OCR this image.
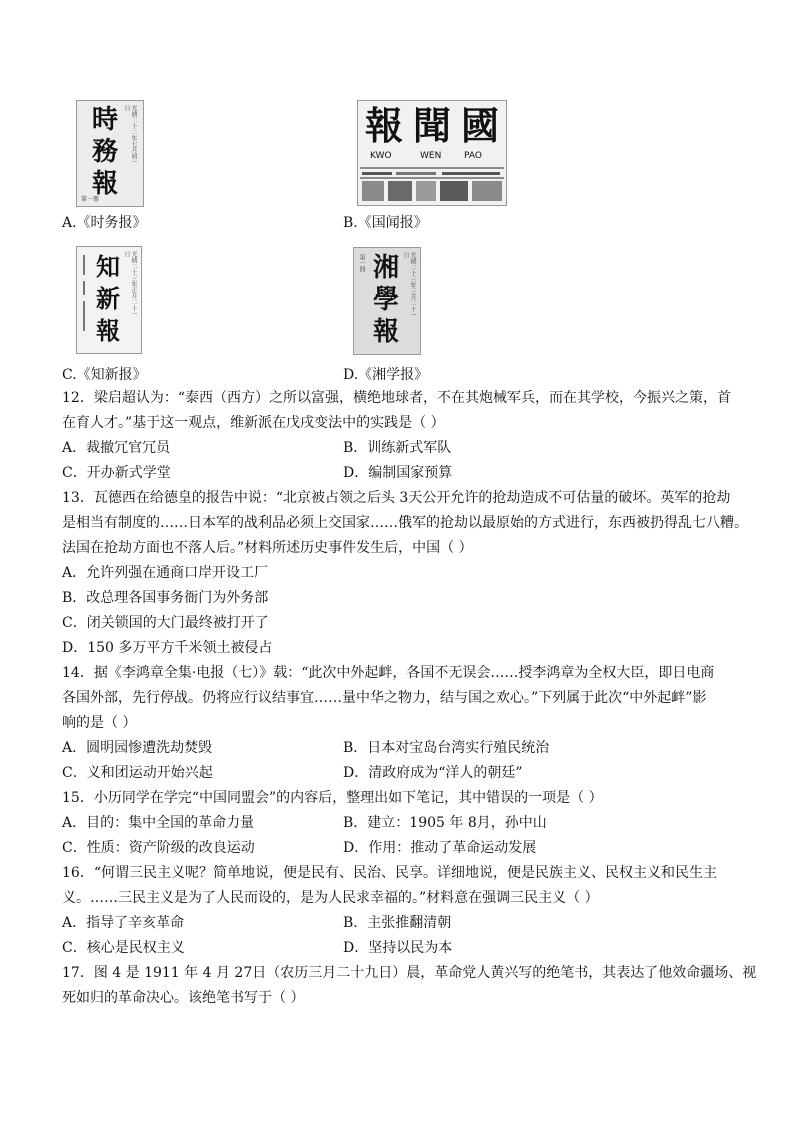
光緒二十二年七月初一日
時
務
報
第一冊
A.《时务报》
報 聞 國
KWO	WEN	PAO
B.《国闻报》
光緒二十三年正月二十一日
知
新
報
C.《知新报》
光緒二十三年三月二十一日
第一冊 湘
學
報
D.《湘学报》
12．梁启超认为：“泰西（西方）之所以富强，横绝地球者，不在其炮械军兵，而在其学校，今振兴之策，首
在育人才。”基于这一观点，维新派在戊戌变法中的实践是（ ）
A．裁撤冗官冗员	B．训练新式军队
C．开办新式学堂	D．编制国家预算
13．瓦德西在给德皇的报告中说：“北京被占领之后头 3天公开允许的抢劫造成不可估量的破坏。英军的抢劫
是相当有制度的……日本军的战利品必须上交国家……俄军的抢劫以最原始的方式进行，东西被扔得乱七八糟。
法国在抢劫方面也不落人后。”材料所述历史事件发生后，中国（ ）
A．允许列强在通商口岸开设工厂
B．改总理各国事务衙门为外务部
C．闭关锁国的大门最终被打开了
D．150 多万平方千米领土被侵占
14．据《李鸿章全集·电报（七）》载：“此次中外起衅，各国不无误会……授李鸿章为全权大臣，即日电商
各国外部，先行停战。仍将应行议结事宜……量中华之物力，结与国之欢心。”下列属于此次“中外起衅”影
响的是（ ）
A．圆明园惨遭洗劫焚毁	B．日本对宝岛台湾实行殖民统治
C．义和团运动开始兴起	D．清政府成为“洋人的朝廷”
15．小历同学在学完“中国同盟会”的内容后，整理出如下笔记，其中错误的一项是（ ）
A．目的：集中全国的革命力量	B．建立：1905 年 8月，孙中山
C．性质：资产阶级的改良运动	D．作用：推动了革命运动发展
16．“何谓三民主义呢？简单地说，便是民有、民治、民享。详细地说，便是民族主义、民权主义和民生主
义。……三民主义是为了人民而设的，是为人民求幸福的。”材料意在强调三民主义（ ）
A．指导了辛亥革命	B．主张推翻清朝
C．核心是民权主义	D．坚持以民为本
17．图 4 是 1911 年 4 月 27日（农历三月二十九日）晨，革命党人黄兴写的绝笔书，其表达了他效命疆场、视
死如归的革命决心。该绝笔书写于（ ）
